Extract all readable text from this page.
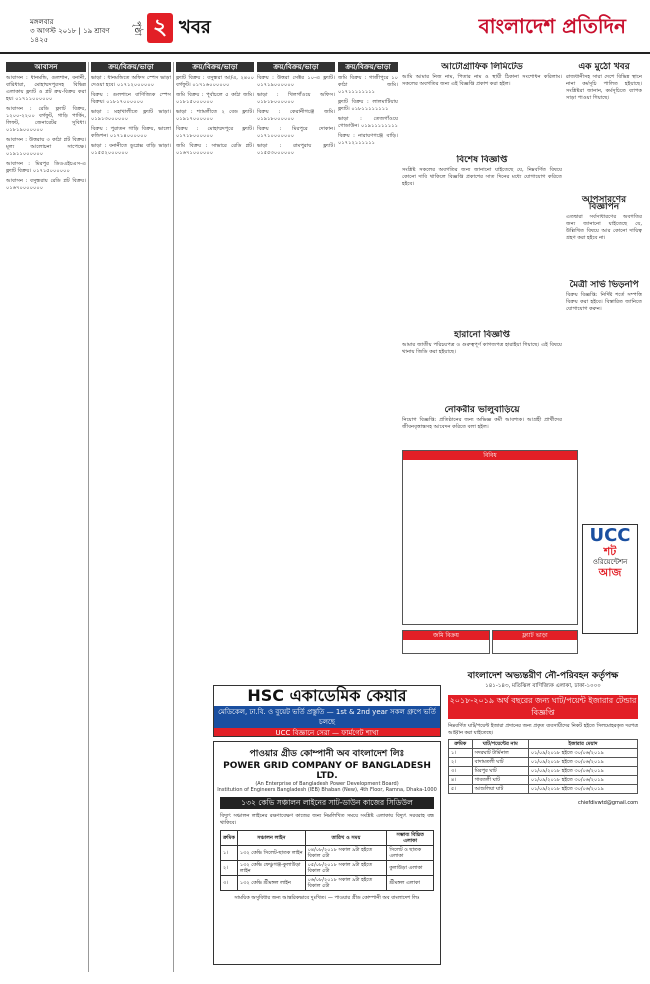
মঙ্গলবার
৩ আগস্ট ২০১৮ | ১৯ শ্রাবণ ১৪২৫
পৃষ্ঠা ২ খবর	বাংলাদেশ প্রতিদিন
আবাসন

আবাসন : ধানমন্ডি, গুলশান, বনানী, বারিধারা, মোহাম্মদপুরসহ বিভিন্ন এলাকায় ফ্ল্যাট ও প্লট ক্রয়-বিক্রয় করা হয়। ০১৭১১০০০০০০

আবাসন : রেডি ফ্ল্যাট বিক্রয়, ১২০০-২২০০ বর্গফুট, গাড়ি পার্কিং, লিফট, জেনারেটর সুবিধা। ০১৮১৯০০০০০০

আবাসন : উত্তরায় ৩ কাঠা প্লট বিক্রয়। মূল্য আলোচনা সাপেক্ষে। ০১৯১১০০০০০০

আবাসন : মিরপুর ডিওএইচএস-এ ফ্ল্যাট বিক্রয়। ০১৭১৫০০০০০০

আবাসন : বসুন্ধরায় রেডি প্লট বিক্রয়। ০১৬৭০০০০০০০

ক্রয়/বিক্রয়/ভাড়া

ভাড়া : ধানমন্ডিতে অফিস স্পেস ভাড়া দেওয়া হবে। ০১৭১২০০০০০০

বিক্রয় : গুলশানে বাণিজ্যিক স্পেস বিক্রয়। ০১৮১৭০০০০০০

ভাড়া : মহাখালীতে ফ্ল্যাট ভাড়া। ০১৯১৩০০০০০০

বিক্রয় : পুরাতন গাড়ি বিক্রয়, ভালো কন্ডিশন। ০১৭১৪০০০০০০

ভাড়া : বনানীতে ডুপ্লেক্স বাড়ি ভাড়া। ০১৫৫২০০০০০০

ক্রয়/বিক্রয়/ভাড়া

ফ্ল্যাট বিক্রয় : বসুন্ধরা আ/এ, ২৪০০ বর্গফুট। ০১৭১৬০০০০০০

জমি বিক্রয় : পূর্বাচলে ৫ কাঠা জমি। ০১৮১৫০০০০০০

ভাড়া : শ্যামলীতে ২ বেড ফ্ল্যাট। ০১৯১৭০০০০০০

বিক্রয় : মোহাম্মদপুরে ফ্ল্যাট। ০১৭১৮০০০০০০

জমি বিক্রয় : সাভারে রেডি প্লট। ০১৬৭১০০০০০০

ক্রয়/বিক্রয়/ভাড়া

বিক্রয় : উত্তরা সেক্টর ১০-এ ফ্ল্যাট। ০১৭১৯০০০০০০

ভাড়া : খিলগাঁওয়ে অফিস। ০১৮১৮০০০০০০

বিক্রয় : কেরানীগঞ্জে জমি। ০১৯১৮০০০০০০

বিক্রয় : মিরপুরে দোকান। ০১৭১০০০০০০০

ভাড়া : রামপুরায় ফ্ল্যাট। ০১৫৫৩০০০০০০

ক্রয়/বিক্রয়/ভাড়া

জমি বিক্রয় : গাজীপুরে ১০ কাঠা জমি। ০১৭১১১১১১১১

ফ্ল্যাট বিক্রয় : লালমাটিয়ায় ফ্ল্যাট। ০১৮১১১১১১১১

ভাড়া : তেজগাঁওয়ে গোডাউন। ০১৯১১১১১১১১

বিক্রয় : নারায়ণগঞ্জে বাড়ি। ০১৭১২১১১১১১

আটোগ্রাফিক লিমিটেড

আমি আমার নিজ নাম, পিতার নাম ও স্থায়ী ঠিকানা সংশোধন করিলাম। সকলের অবগতির জন্য এই বিজ্ঞপ্তি প্রকাশ করা হইল।

বিশেষ বিজ্ঞপ্তি

সংশ্লিষ্ট সকলের অবগতির জন্য জানানো যাইতেছে যে, নিম্নবর্ণিত বিষয়ে কোনো দাবি থাকিলে বিজ্ঞপ্তি প্রকাশের সাত দিনের মধ্যে যোগাযোগ করিতে হইবে।

হারানো বিজ্ঞপ্তি

আমার জাতীয় পরিচয়পত্র ও গুরুত্বপূর্ণ কাগজপত্র হারাইয়া গিয়াছে। এই বিষয়ে থানায় জিডি করা হইয়াছে।

নোকরীর ভালুবাড়িয়ে

নিয়োগ বিজ্ঞপ্তি: প্রতিষ্ঠানের জন্য অভিজ্ঞ কর্মী আবশ্যক। আগ্রহী প্রার্থীদের জীবনবৃত্তান্তসহ আবেদন করিতে বলা হইল।

বিবিধ
জমি বিক্রয়	ফ্ল্যাট ভাড়া
এক মুঠো খবর

রাজধানীসহ সারা দেশে বিভিন্ন স্থানে নানা কর্মসূচি পালিত হইয়াছে। সংশ্লিষ্টরা জানান, কর্মসূচিতে ব্যাপক সাড়া পাওয়া গিয়াছে।

আপসারণের বিজ্ঞাপন

এতদ্বারা সর্বসাধারণের অবগতির জন্য জানানো যাইতেছে যে, উল্লিখিত বিষয়ে আর কোনো দায়িত্ব গ্রহণ করা হইবে না।

মৈত্রী সার্ভ ভিড়নপি

বিক্রয় বিজ্ঞপ্তি: নির্দিষ্ট শর্তে সম্পত্তি বিক্রয় করা হইবে। বিস্তারিত জানিতে যোগাযোগ করুন।

UCC
শট
ওরিয়েন্টেশন
আজ
HSC একাডেমিক কেয়ার
মেডিকেল, ঢা.বি. ও বুয়েট ভর্তি প্রস্তুতি — 1st & 2nd year সকল গ্রুপে ভর্তি চলছে
UCC বিজ্ঞানে সেরা — ফার্মগেট শাখা
পাওয়ার গ্রীড কোম্পানী অব বাংলাদেশ লিঃ
POWER GRID COMPANY OF BANGLADESH LTD.
(An Enterprise of Bangladesh Power Development Board)
Institution of Engineers Bangladesh (IEB) Bhaban (New), 4th Floor, Ramna, Dhaka-1000
১৩২ কেভি সঞ্চালন লাইনের সাট-ডাউন কাজের সিডিউল
বিদ্যুৎ সঞ্চালন লাইনের রক্ষণাবেক্ষণ কাজের জন্য নিম্নলিখিত সময়ে সংশ্লিষ্ট এলাকায় বিদ্যুৎ সরবরাহ বন্ধ থাকিবে।
ক্রমিক	সঞ্চালন লাইন	তারিখ ও সময়	সম্ভাব্য বিঘ্নিত এলাকা
১।	১৩২ কেভি সিলেট-ছাতক লাইন	০৪/০৮/২০১৮ সকাল ৯টা হইতে বিকাল ৫টা	সিলেট ও ছাতক এলাকা
২।	১৩২ কেভি ফেঞ্চুগঞ্জ-কুলাউড়া লাইন	০৫/০৮/২০১৮ সকাল ৯টা হইতে বিকাল ৫টা	কুলাউড়া এলাকা
৩।	১৩২ কেভি শ্রীমঙ্গল লাইন	০৬/০৮/২০১৮ সকাল ৯টা হইতে বিকাল ৫টা	শ্রীমঙ্গল এলাকা
সাময়িক অসুবিধার জন্য আন্তরিকভাবে দুঃখিত। — পাওয়ার গ্রীড কোম্পানী অব বাংলাদেশ লিঃ
বাংলাদেশ অভ্যন্তরীণ নৌ-পরিবহন কর্তৃপক্ষ
১৪১-১৪৩, মতিঝিল বাণিজ্যিক এলাকা, ঢাকা-১০০০
২০১৮-২০১৯ অর্থ বছরের জন্য ঘাট/পয়েন্ট ইজারার টেন্ডার বিজ্ঞপ্তি
নিম্নবর্ণিত ঘাট/পয়েন্ট ইজারা প্রদানের জন্য প্রকৃত ব্যবসায়ীদের নিকট হইতে সিলমোহরকৃত দরপত্র আহ্বান করা যাইতেছে।
ক্রমিক	ঘাট/পয়েন্টের নাম	ইজারার মেয়াদ
১।	সদরঘাট টার্মিনাল	০১/০৯/২০১৮ হইতে ৩০/০৬/২০১৯
২।	বাদামতলী ঘাট	০১/০৯/২০১৮ হইতে ৩০/০৬/২০১৯
৩।	মিরপুর ঘাট	০১/০৯/২০১৮ হইতে ৩০/০৬/২০১৯
৪।	গাবতলী ঘাট	০১/০৯/২০১৮ হইতে ৩০/০৬/২০১৯
৫।	আশুলিয়া ঘাট	০১/০৯/২০১৮ হইতে ৩০/০৬/২০১৯
chiefdivwtd@gmail.com
